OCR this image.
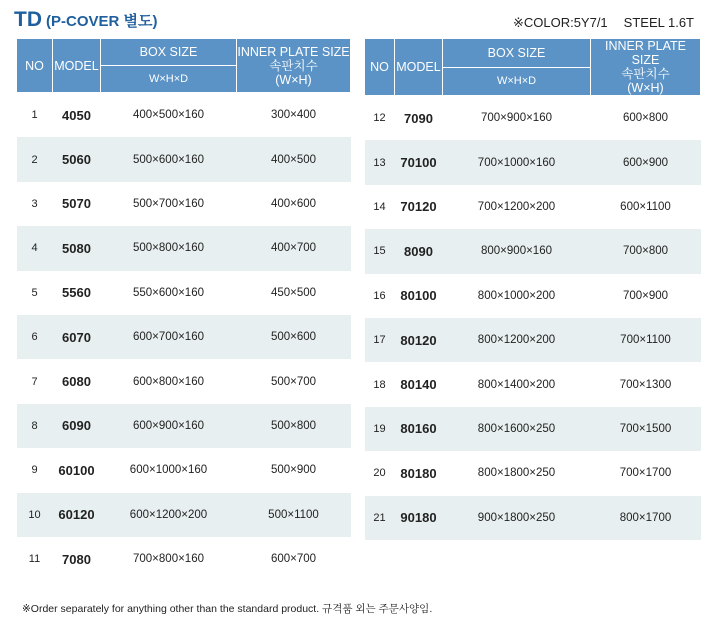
TD (P-COVER 별도)	※COLOR:5Y7/1 STEEL 1.6T
NO	MODEL	BOX SIZE	INNER PLATE SIZE
속판치수
(W×H)

		W×H×D	
1	4050	400×500×160	300×400
2	5060	500×600×160	400×500
3	5070	500×700×160	400×600
4	5080	500×800×160	400×700
5	5560	550×600×160	450×500
6	6070	600×700×160	500×600
7	6080	600×800×160	500×700
8	6090	600×900×160	500×800
9	60100	600×1000×160	500×900
10	60120	600×1200×200	500×1100
11	7080	700×800×160	600×700
NO	MODEL	BOX SIZE	INNER PLATE SIZE
속판치수
(W×H)

		W×H×D	
12	7090	700×900×160	600×800
13	70100	700×1000×160	600×900
14	70120	700×1200×200	600×1100
15	8090	800×900×160	700×800
16	80100	800×1000×200	700×900
17	80120	800×1200×200	700×1100
18	80140	800×1400×200	700×1300
19	80160	800×1600×250	700×1500
20	80180	800×1800×250	700×1700
21	90180	900×1800×250	800×1700
※Order separately for anything other than the standard product. 규격품 외는 주문사양임.
